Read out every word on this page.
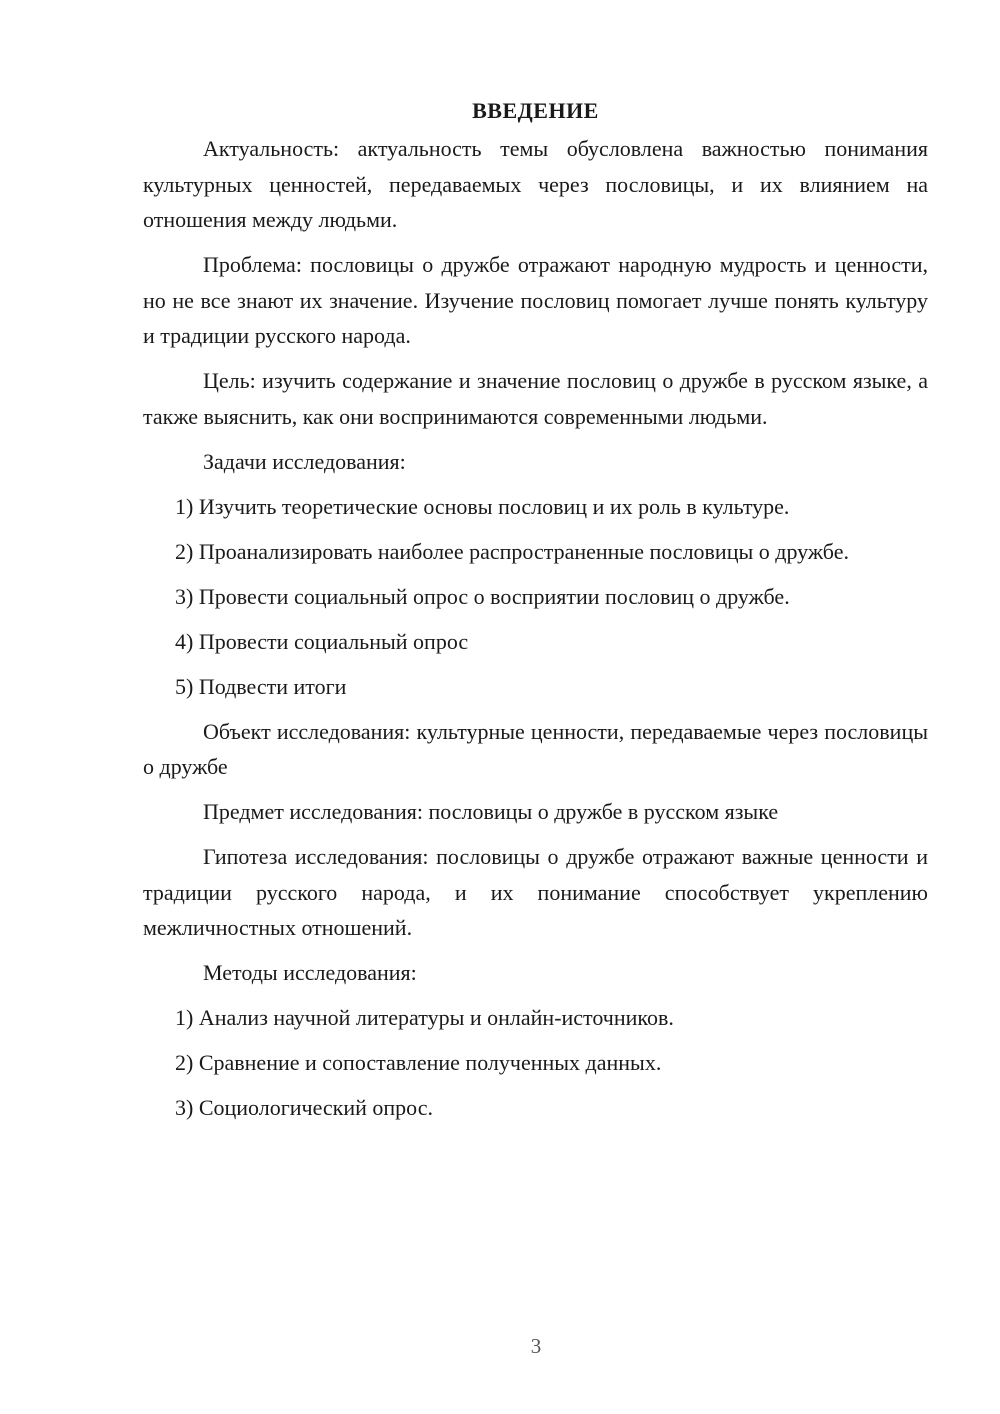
ВВЕДЕНИЕ

Актуальность: актуальность темы обусловлена важностью понимания культурных ценностей, передаваемых через пословицы, и их влиянием на отношения между людьми.

Проблема: пословицы о дружбе отражают народную мудрость и ценности, но не все знают их значение. Изучение пословиц помогает лучше понять культуру и традиции русского народа.

Цель: изучить содержание и значение пословиц о дружбе в русском языке, а также выяснить, как они воспринимаются современными людьми.

Задачи исследования:

1) Изучить теоретические основы пословиц и их роль в культуре.

2) Проанализировать наиболее распространенные пословицы о дружбе.

3) Провести социальный опрос о восприятии пословиц о дружбе.

4) Провести социальный опрос

5) Подвести итоги

Объект исследования: культурные ценности, передаваемые через пословицы о дружбе

Предмет исследования: пословицы о дружбе в русском языке

Гипотеза исследования: пословицы о дружбе отражают важные ценности и традиции русского народа, и их понимание способствует укреплению межличностных отношений.

Методы исследования:

1) Анализ научной литературы и онлайн-источников.

2) Сравнение и сопоставление полученных данных.

3) Социологический опрос.

3
